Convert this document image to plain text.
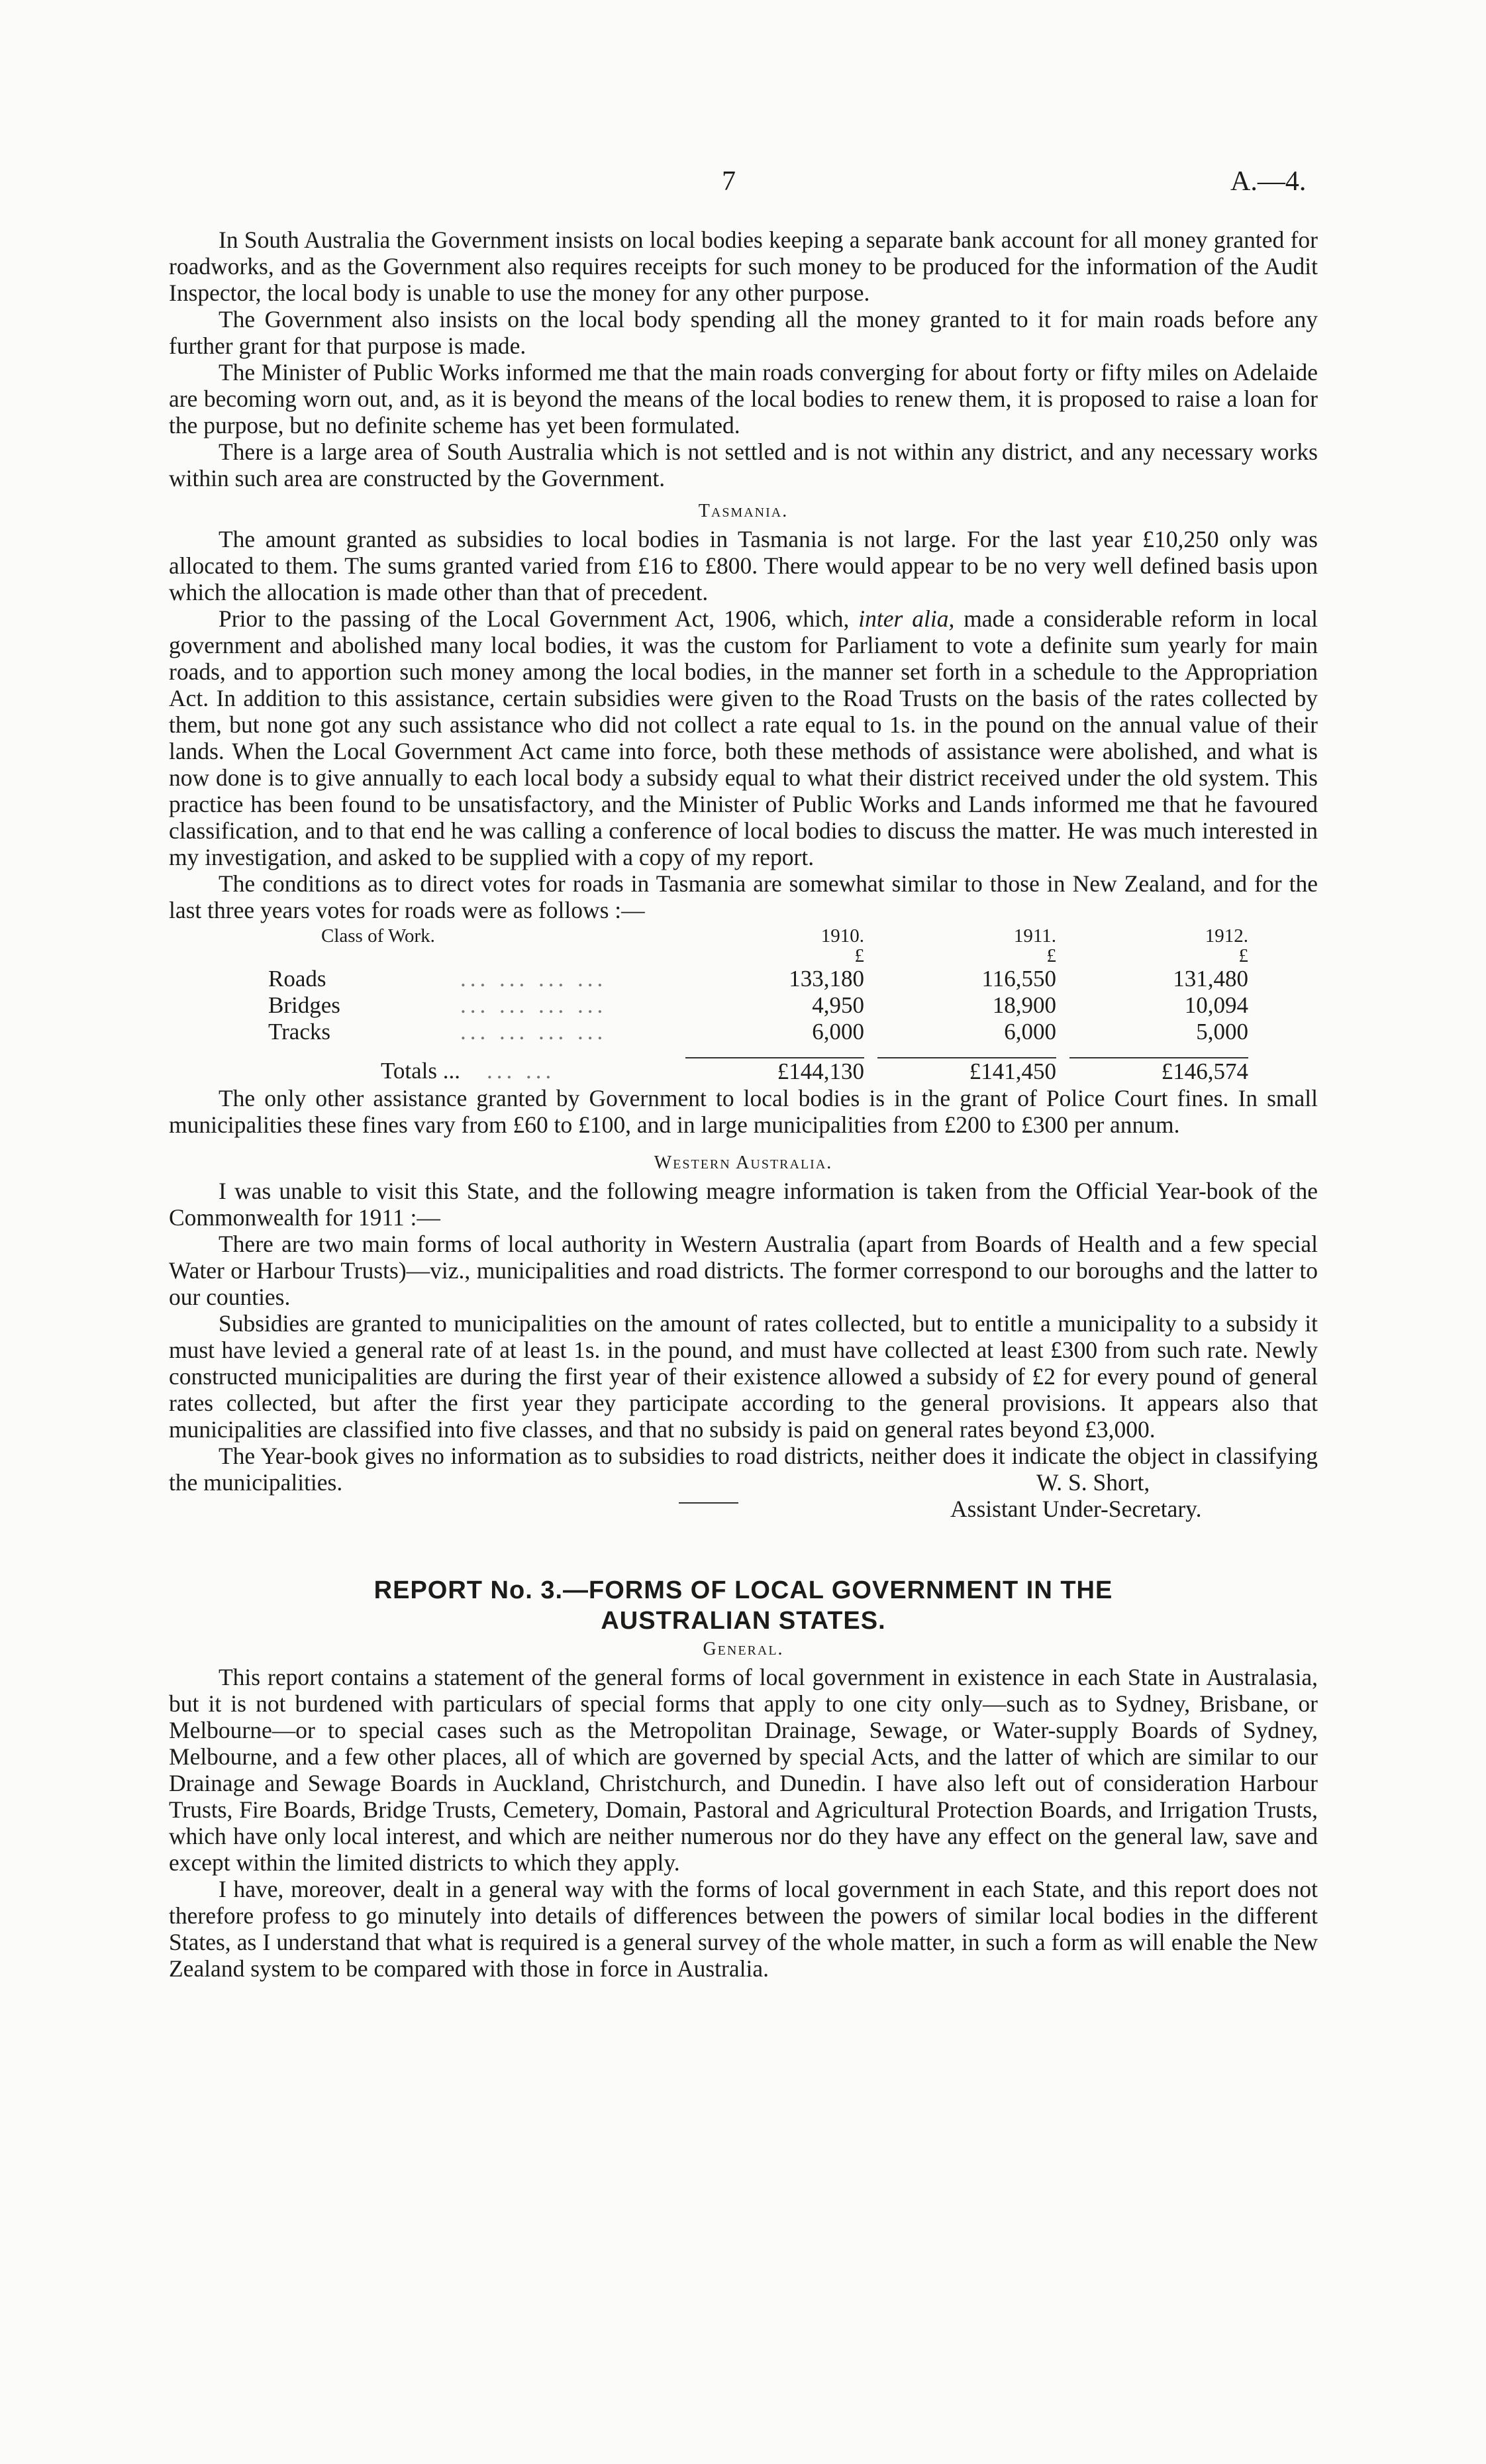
7	A.—4.

In South Australia the Government insists on local bodies keeping a separate bank account for all money granted for roadworks, and as the Government also requires receipts for such money to be produced for the information of the Audit Inspector, the local body is unable to use the money for any other purpose.

The Government also insists on the local body spending all the money granted to it for main roads before any further grant for that purpose is made.

The Minister of Public Works informed me that the main roads converging for about forty or fifty miles on Adelaide are becoming worn out, and, as it is beyond the means of the local bodies to renew them, it is proposed to raise a loan for the purpose, but no definite scheme has yet been formulated.

There is a large area of South Australia which is not settled and is not within any district, and any necessary works within such area are constructed by the Government.

Tasmania.

The amount granted as subsidies to local bodies in Tasmania is not large. For the last year £10,250 only was allocated to them. The sums granted varied from £16 to £800. There would appear to be no very well defined basis upon which the allocation is made other than that of precedent.

Prior to the passing of the Local Government Act, 1906, which, inter alia, made a considerable reform in local government and abolished many local bodies, it was the custom for Parliament to vote a definite sum yearly for main roads, and to apportion such money among the local bodies, in the manner set forth in a schedule to the Appropriation Act. In addition to this assistance, certain subsidies were given to the Road Trusts on the basis of the rates collected by them, but none got any such assistance who did not collect a rate equal to 1s. in the pound on the annual value of their lands. When the Local Government Act came into force, both these methods of assistance were abolished, and what is now done is to give annually to each local body a subsidy equal to what their district received under the old system. This practice has been found to be unsatisfactory, and the Minister of Public Works and Lands informed me that he favoured classification, and to that end he was calling a conference of local bodies to discuss the matter. He was much interested in my investigation, and asked to be supplied with a copy of my report.

The conditions as to direct votes for roads in Tasmania are somewhat similar to those in New Zealand, and for the last three years votes for roads were as follows :—

Class of Work.		1910.	1911.	1912.
		£	£	£
Roads	... ... ... ...	133,180	116,550	131,480
Bridges	... ... ... ...	4,950	18,900	10,094
Tracks	... ... ... ...	6,000	6,000	5,000
Totals ...	... ...	£144,130	£141,450	£146,574

The only other assistance granted by Government to local bodies is in the grant of Police Court fines. In small municipalities these fines vary from £60 to £100, and in large municipalities from £200 to £300 per annum.

Western Australia.

I was unable to visit this State, and the following meagre information is taken from the Official Year-book of the Commonwealth for 1911 :—

There are two main forms of local authority in Western Australia (apart from Boards of Health and a few special Water or Harbour Trusts)—viz., municipalities and road districts. The former correspond to our boroughs and the latter to our counties.

Subsidies are granted to municipalities on the amount of rates collected, but to entitle a municipality to a subsidy it must have levied a general rate of at least 1s. in the pound, and must have collected at least £300 from such rate. Newly constructed municipalities are during the first year of their existence allowed a subsidy of £2 for every pound of general rates collected, but after the first year they participate according to the general provisions. It appears also that municipalities are classified into five classes, and that no subsidy is paid on general rates beyond £3,000.

The Year-book gives no information as to subsidies to road districts, neither does it indicate the object in classifying the municipalities.	W. S. Short,
Assistant Under-Secretary.
REPORT No. 3.—FORMS OF LOCAL GOVERNMENT IN THE
AUSTRALIAN STATES.
General.

This report contains a statement of the general forms of local government in existence in each State in Australasia, but it is not burdened with particulars of special forms that apply to one city only—such as to Sydney, Brisbane, or Melbourne—or to special cases such as the Metropolitan Drainage, Sewage, or Water-supply Boards of Sydney, Melbourne, and a few other places, all of which are governed by special Acts, and the latter of which are similar to our Drainage and Sewage Boards in Auckland, Christchurch, and Dunedin. I have also left out of consideration Harbour Trusts, Fire Boards, Bridge Trusts, Cemetery, Domain, Pastoral and Agricultural Protection Boards, and Irrigation Trusts, which have only local interest, and which are neither numerous nor do they have any effect on the general law, save and except within the limited districts to which they apply.

I have, moreover, dealt in a general way with the forms of local government in each State, and this report does not therefore profess to go minutely into details of differences between the powers of similar local bodies in the different States, as I understand that what is required is a general survey of the whole matter, in such a form as will enable the New Zealand system to be compared with those in force in Australia.
